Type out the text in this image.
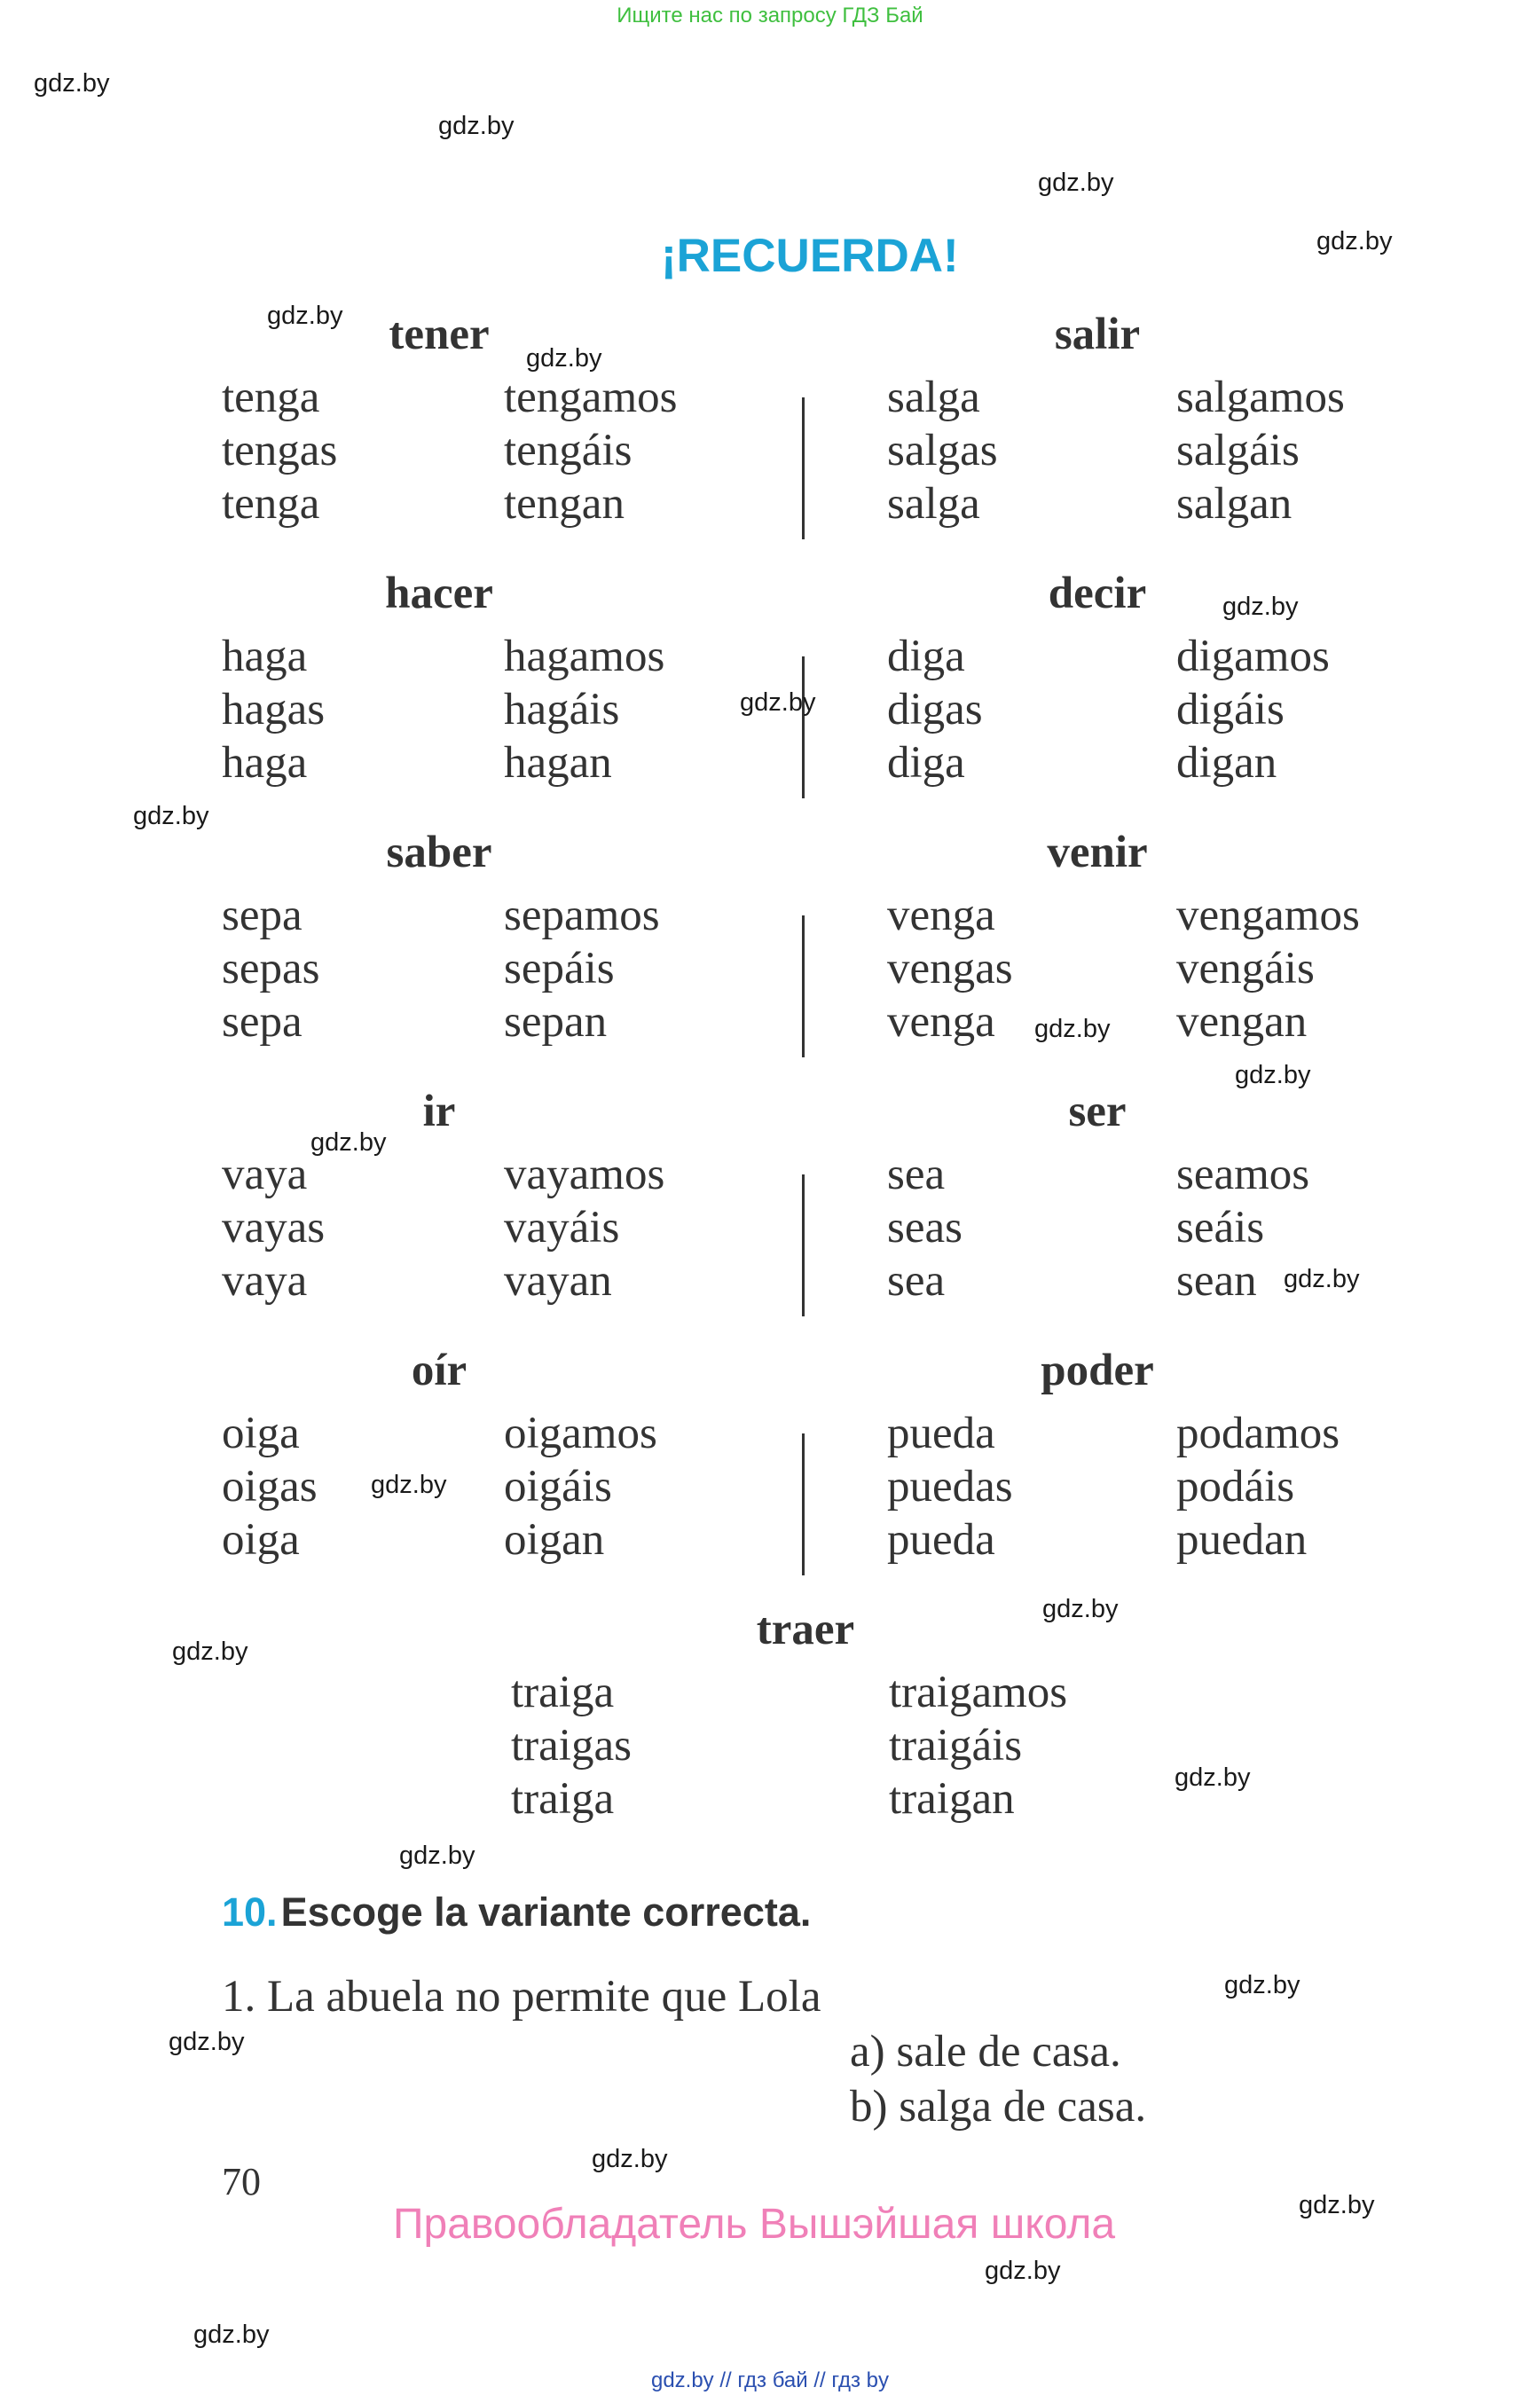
Ищите нас по запросу ГДЗ Бай
¡RECUERDA!
tener
tenga	tengamos
tengas	tengáis
tenga	tengan
salir
salga	salgamos
salgas	salgáis
salga	salgan
hacer
haga	hagamos
hagas	hagáis
haga	hagan
decir
diga	digamos
digas	digáis
diga	digan
saber
sepa	sepamos
sepas	sepáis
sepa	sepan
venir
venga	vengamos
vengas	vengáis
venga	vengan
ir
vaya	vayamos
vayas	vayáis
vaya	vayan
ser
sea	seamos
seas	seáis
sea	sean
oír
oiga	oigamos
oigas	oigáis
oiga	oigan
poder
pueda	podamos
puedas	podáis
pueda	puedan
traer
traiga	traigamos
traigas	traigáis
traiga	traigan
10. Escoge la variante correcta.
1. La abuela no permite que Lola
a) sale de casa.
b) salga de casa.
70
Правообладатель Вышэйшая школа
gdz.by // гдз бай // гдз by
gdz.by
gdz.by
gdz.by
gdz.by
gdz.by
gdz.by
gdz.by
gdz.by
gdz.by
gdz.by
gdz.by
gdz.by
gdz.by
gdz.by
gdz.by
gdz.by
gdz.by
gdz.by
gdz.by
gdz.by
gdz.by
gdz.by
gdz.by
gdz.by
